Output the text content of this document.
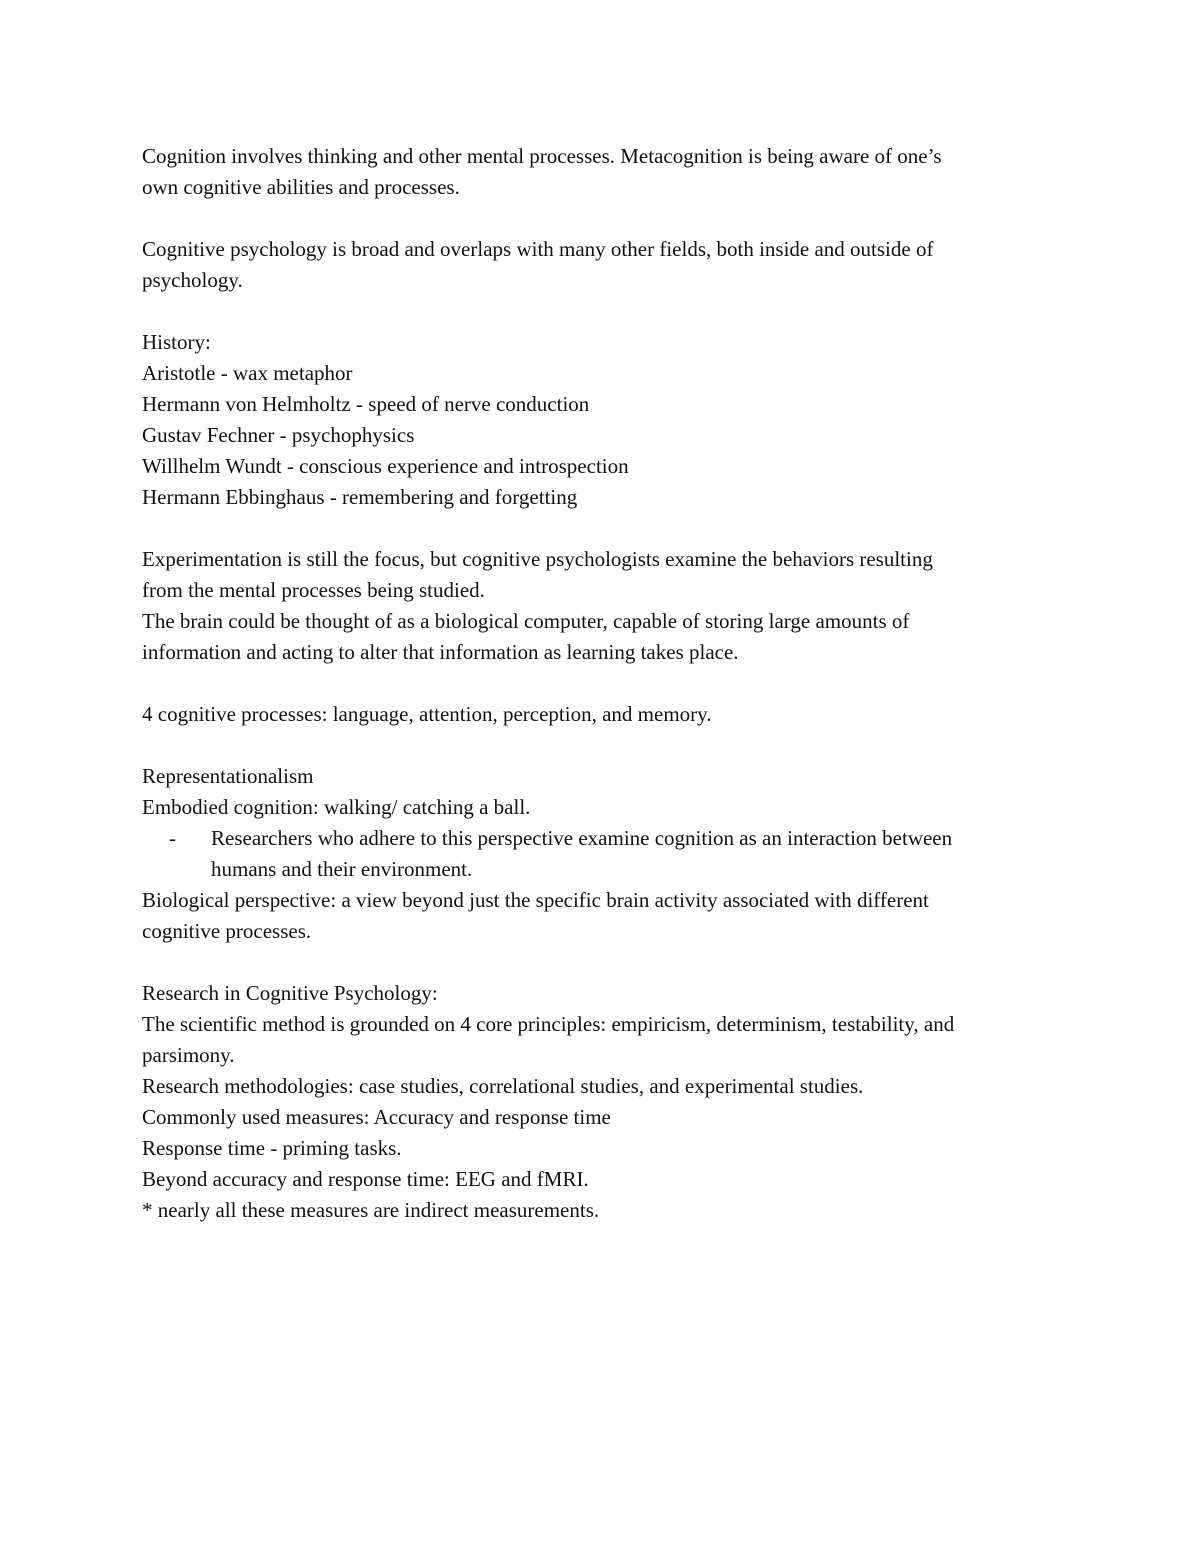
Cognition involves thinking and other mental processes. Metacognition is being aware of one’s

own cognitive abilities and processes.

Cognitive psychology is broad and overlaps with many other fields, both inside and outside of

psychology.

History:

Aristotle - wax metaphor

Hermann von Helmholtz - speed of nerve conduction

Gustav Fechner - psychophysics

Willhelm Wundt - conscious experience and introspection

Hermann Ebbinghaus - remembering and forgetting

Experimentation is still the focus, but cognitive psychologists examine the behaviors resulting

from the mental processes being studied.

The brain could be thought of as a biological computer, capable of storing large amounts of

information and acting to alter that information as learning takes place.

4 cognitive processes: language, attention, perception, and memory.

Representationalism

Embodied cognition: walking/ catching a ball.

- Researchers who adhere to this perspective examine cognition as an interaction between

humans and their environment.

Biological perspective: a view beyond just the specific brain activity associated with different

cognitive processes.

Research in Cognitive Psychology:

The scientific method is grounded on 4 core principles: empiricism, determinism, testability, and

parsimony.

Research methodologies: case studies, correlational studies, and experimental studies.

Commonly used measures: Accuracy and response time

Response time - priming tasks.

Beyond accuracy and response time: EEG and fMRI.

* nearly all these measures are indirect measurements.
